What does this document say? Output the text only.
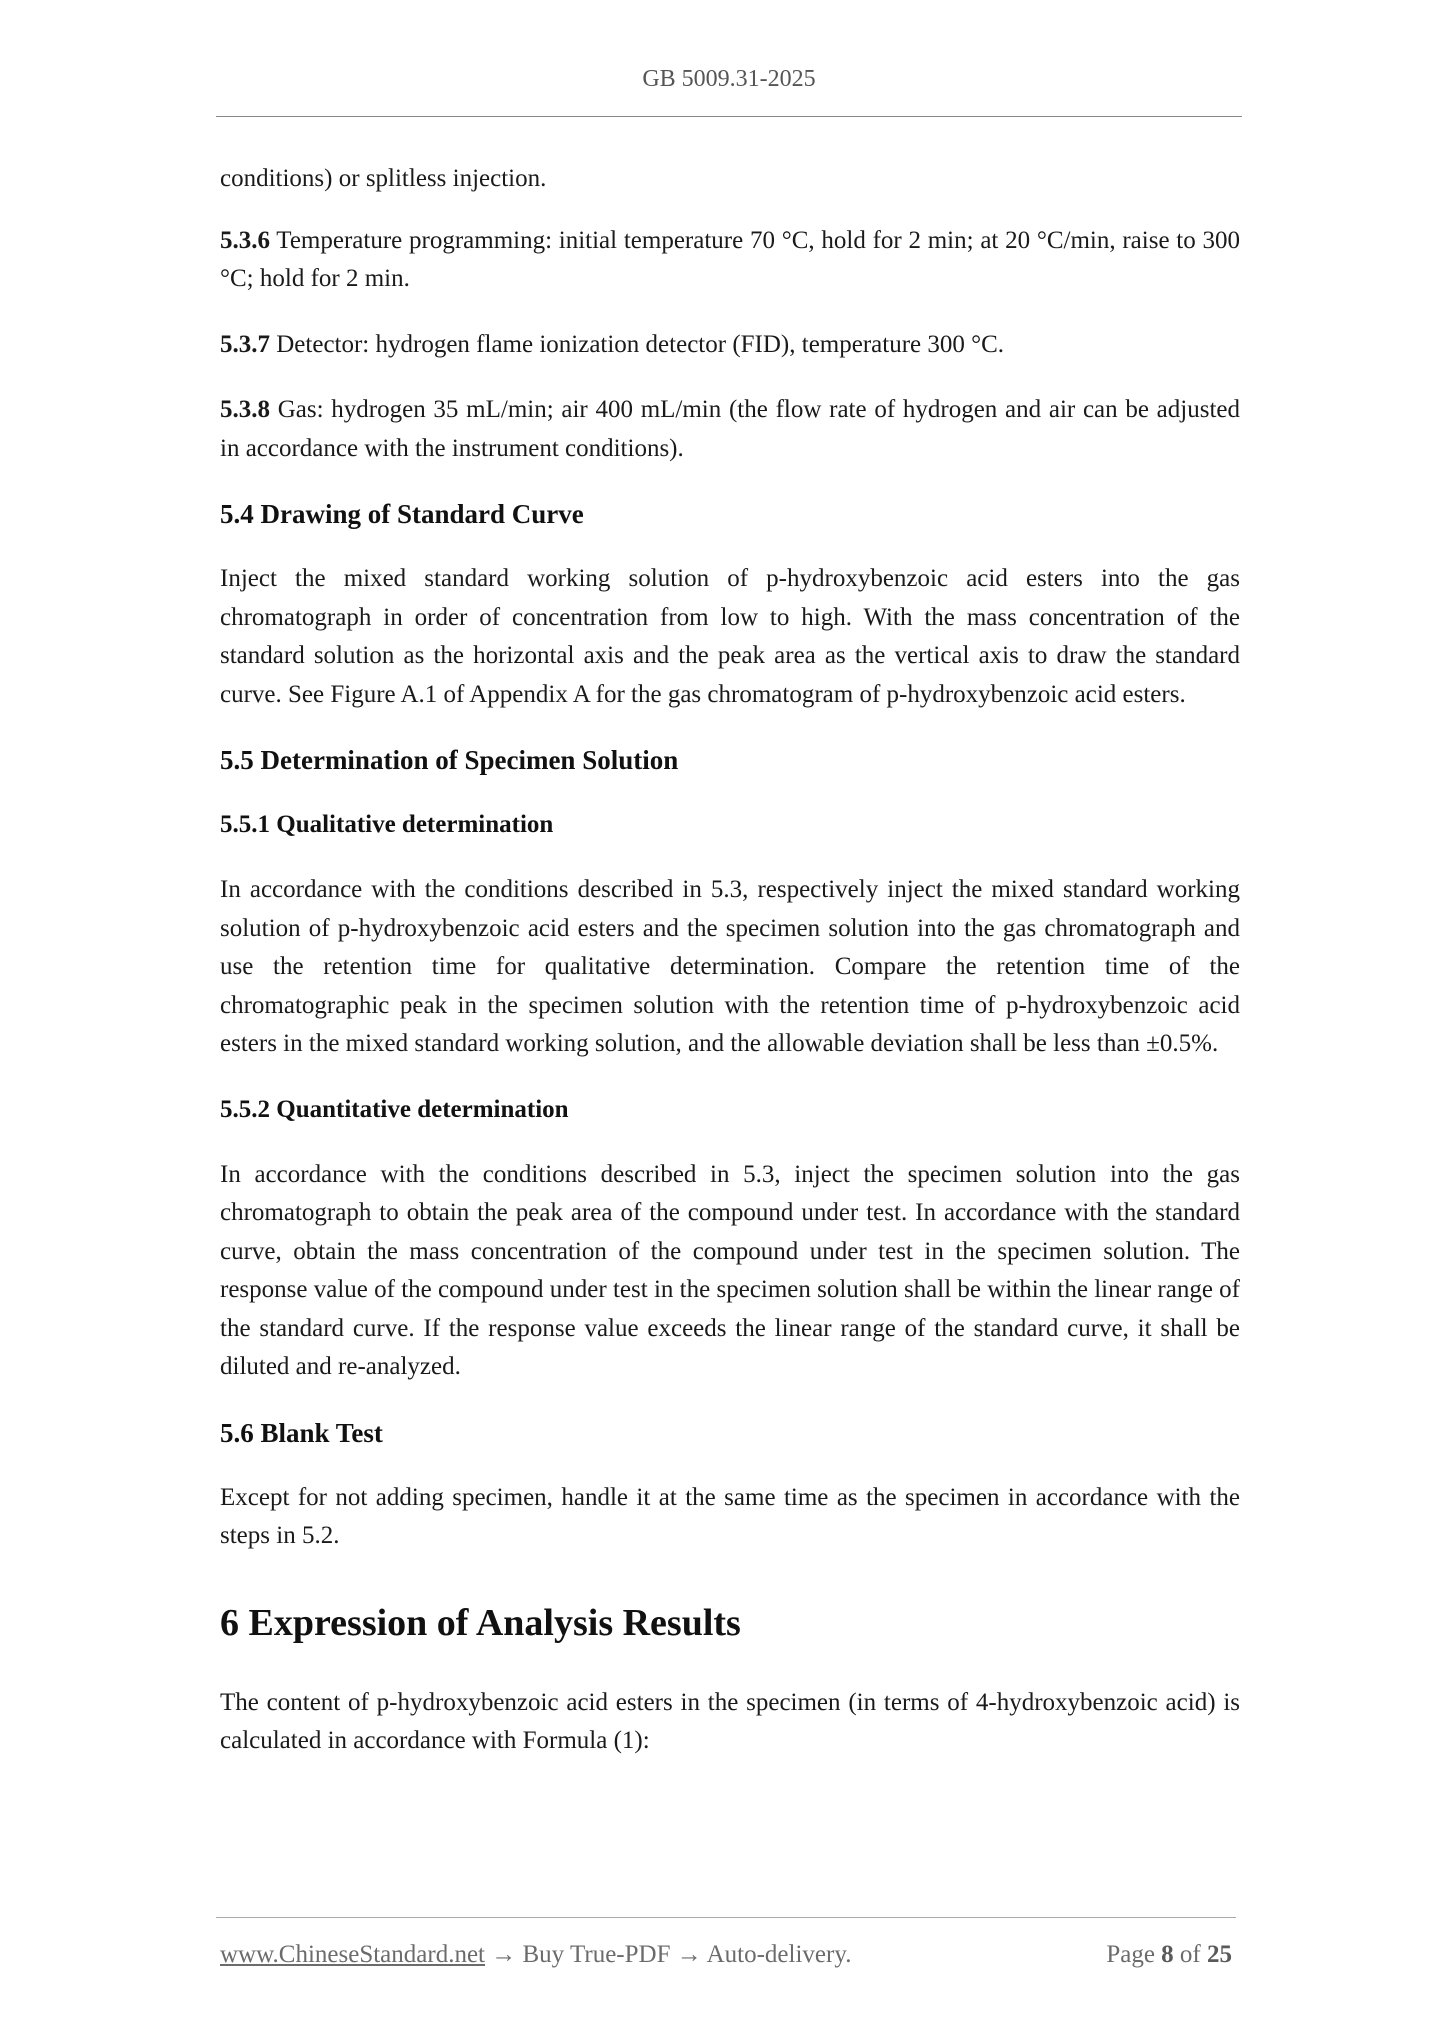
GB 5009.31-2025

conditions) or splitless injection.

5.3.6 Temperature programming: initial temperature 70 °C, hold for 2 min; at 20 °C/min, raise to 300 °C; hold for 2 min.

5.3.7 Detector: hydrogen flame ionization detector (FID), temperature 300 °C.

5.3.8 Gas: hydrogen 35 mL/min; air 400 mL/min (the flow rate of hydrogen and air can be adjusted in accordance with the instrument conditions).

5.4 Drawing of Standard Curve

Inject the mixed standard working solution of p-hydroxybenzoic acid esters into the gas chromatograph in order of concentration from low to high. With the mass concentration of the standard solution as the horizontal axis and the peak area as the vertical axis to draw the standard curve. See Figure A.1 of Appendix A for the gas chromatogram of p-hydroxybenzoic acid esters.

5.5 Determination of Specimen Solution
5.5.1 Qualitative determination

In accordance with the conditions described in 5.3, respectively inject the mixed standard working solution of p-hydroxybenzoic acid esters and the specimen solution into the gas chromatograph and use the retention time for qualitative determination. Compare the retention time of the chromatographic peak in the specimen solution with the retention time of p-hydroxybenzoic acid esters in the mixed standard working solution, and the allowable deviation shall be less than ±0.5%.

5.5.2 Quantitative determination

In accordance with the conditions described in 5.3, inject the specimen solution into the gas chromatograph to obtain the peak area of the compound under test. In accordance with the standard curve, obtain the mass concentration of the compound under test in the specimen solution. The response value of the compound under test in the specimen solution shall be within the linear range of the standard curve. If the response value exceeds the linear range of the standard curve, it shall be diluted and re-analyzed.

5.6 Blank Test

Except for not adding specimen, handle it at the same time as the specimen in accordance with the steps in 5.2.

6 Expression of Analysis Results

The content of p-hydroxybenzoic acid esters in the specimen (in terms of 4-hydroxybenzoic acid) is calculated in accordance with Formula (1):

www.ChineseStandard.net → Buy True-PDF → Auto-delivery.	Page 8 of 25
